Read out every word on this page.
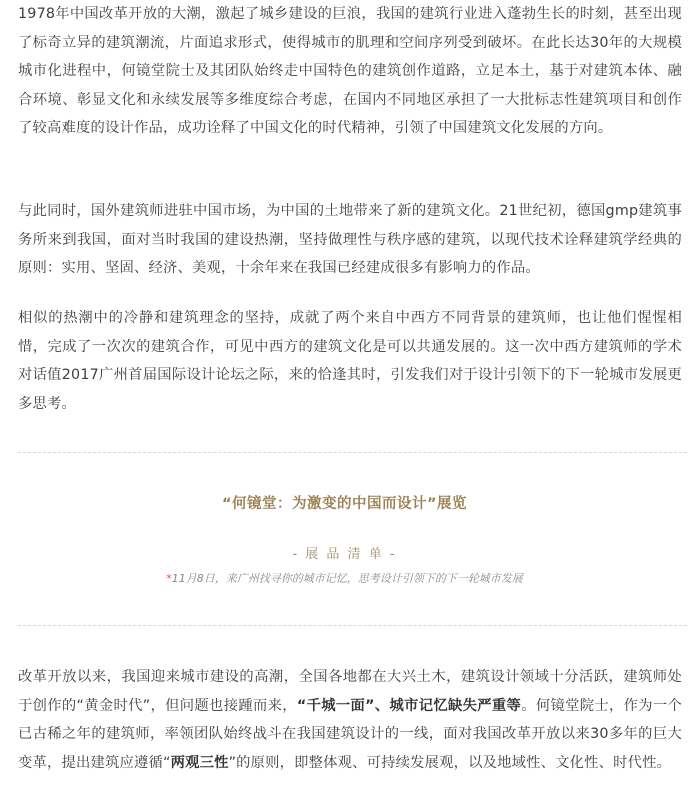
1978年中国改革开放的大潮，激起了城乡建设的巨浪，我国的建筑行业进入蓬勃生长的时刻，甚至出现了标奇立异的建筑潮流，片面追求形式，使得城市的肌理和空间序列受到破坏。在此长达30年的大规模城市化进程中，何镜堂院士及其团队始终走中国特色的建筑创作道路，立足本土，基于对建筑本体、融合环境、彰显文化和永续发展等多维度综合考虑，在国内不同地区承担了一大批标志性建筑项目和创作了较高难度的设计作品，成功诠释了中国文化的时代精神，引领了中国建筑文化发展的方向。

与此同时，国外建筑师进驻中国市场，为中国的土地带来了新的建筑文化。21世纪初，德国gmp建筑事务所来到我国，面对当时我国的建设热潮，坚持做理性与秩序感的建筑，以现代技术诠释建筑学经典的原则：实用、坚固、经济、美观，十余年来在我国已经建成很多有影响力的作品。

相似的热潮中的冷静和建筑理念的坚持，成就了两个来自中西方不同背景的建筑师，也让他们惺惺相惜，完成了一次次的建筑合作，可见中西方的建筑文化是可以共通发展的。这一次中西方建筑师的学术对话值2017广州首届国际设计论坛之际，来的恰逢其时，引发我们对于设计引领下的下一轮城市发展更多思考。

改革开放以来，我国迎来城市建设的高潮，全国各地都在大兴土木，建筑设计领域十分活跃，建筑师处于创作的“黄金时代”，但问题也接踵而来，“千城一面”、城市记忆缺失严重等。何镜堂院士，作为一个已古稀之年的建筑师，率领团队始终战斗在我国建筑设计的一线，面对我国改革开放以来30多年的巨大变革，提出建筑应遵循“两观三性”的原则，即整体观、可持续发展观，以及地域性、文化性、时代性。

“何镜堂：为激变的中国而设计”展览
- 展 品 清 单 -
*11月8日，来广州找寻你的城市记忆，思考设计引领下的下一轮城市发展
